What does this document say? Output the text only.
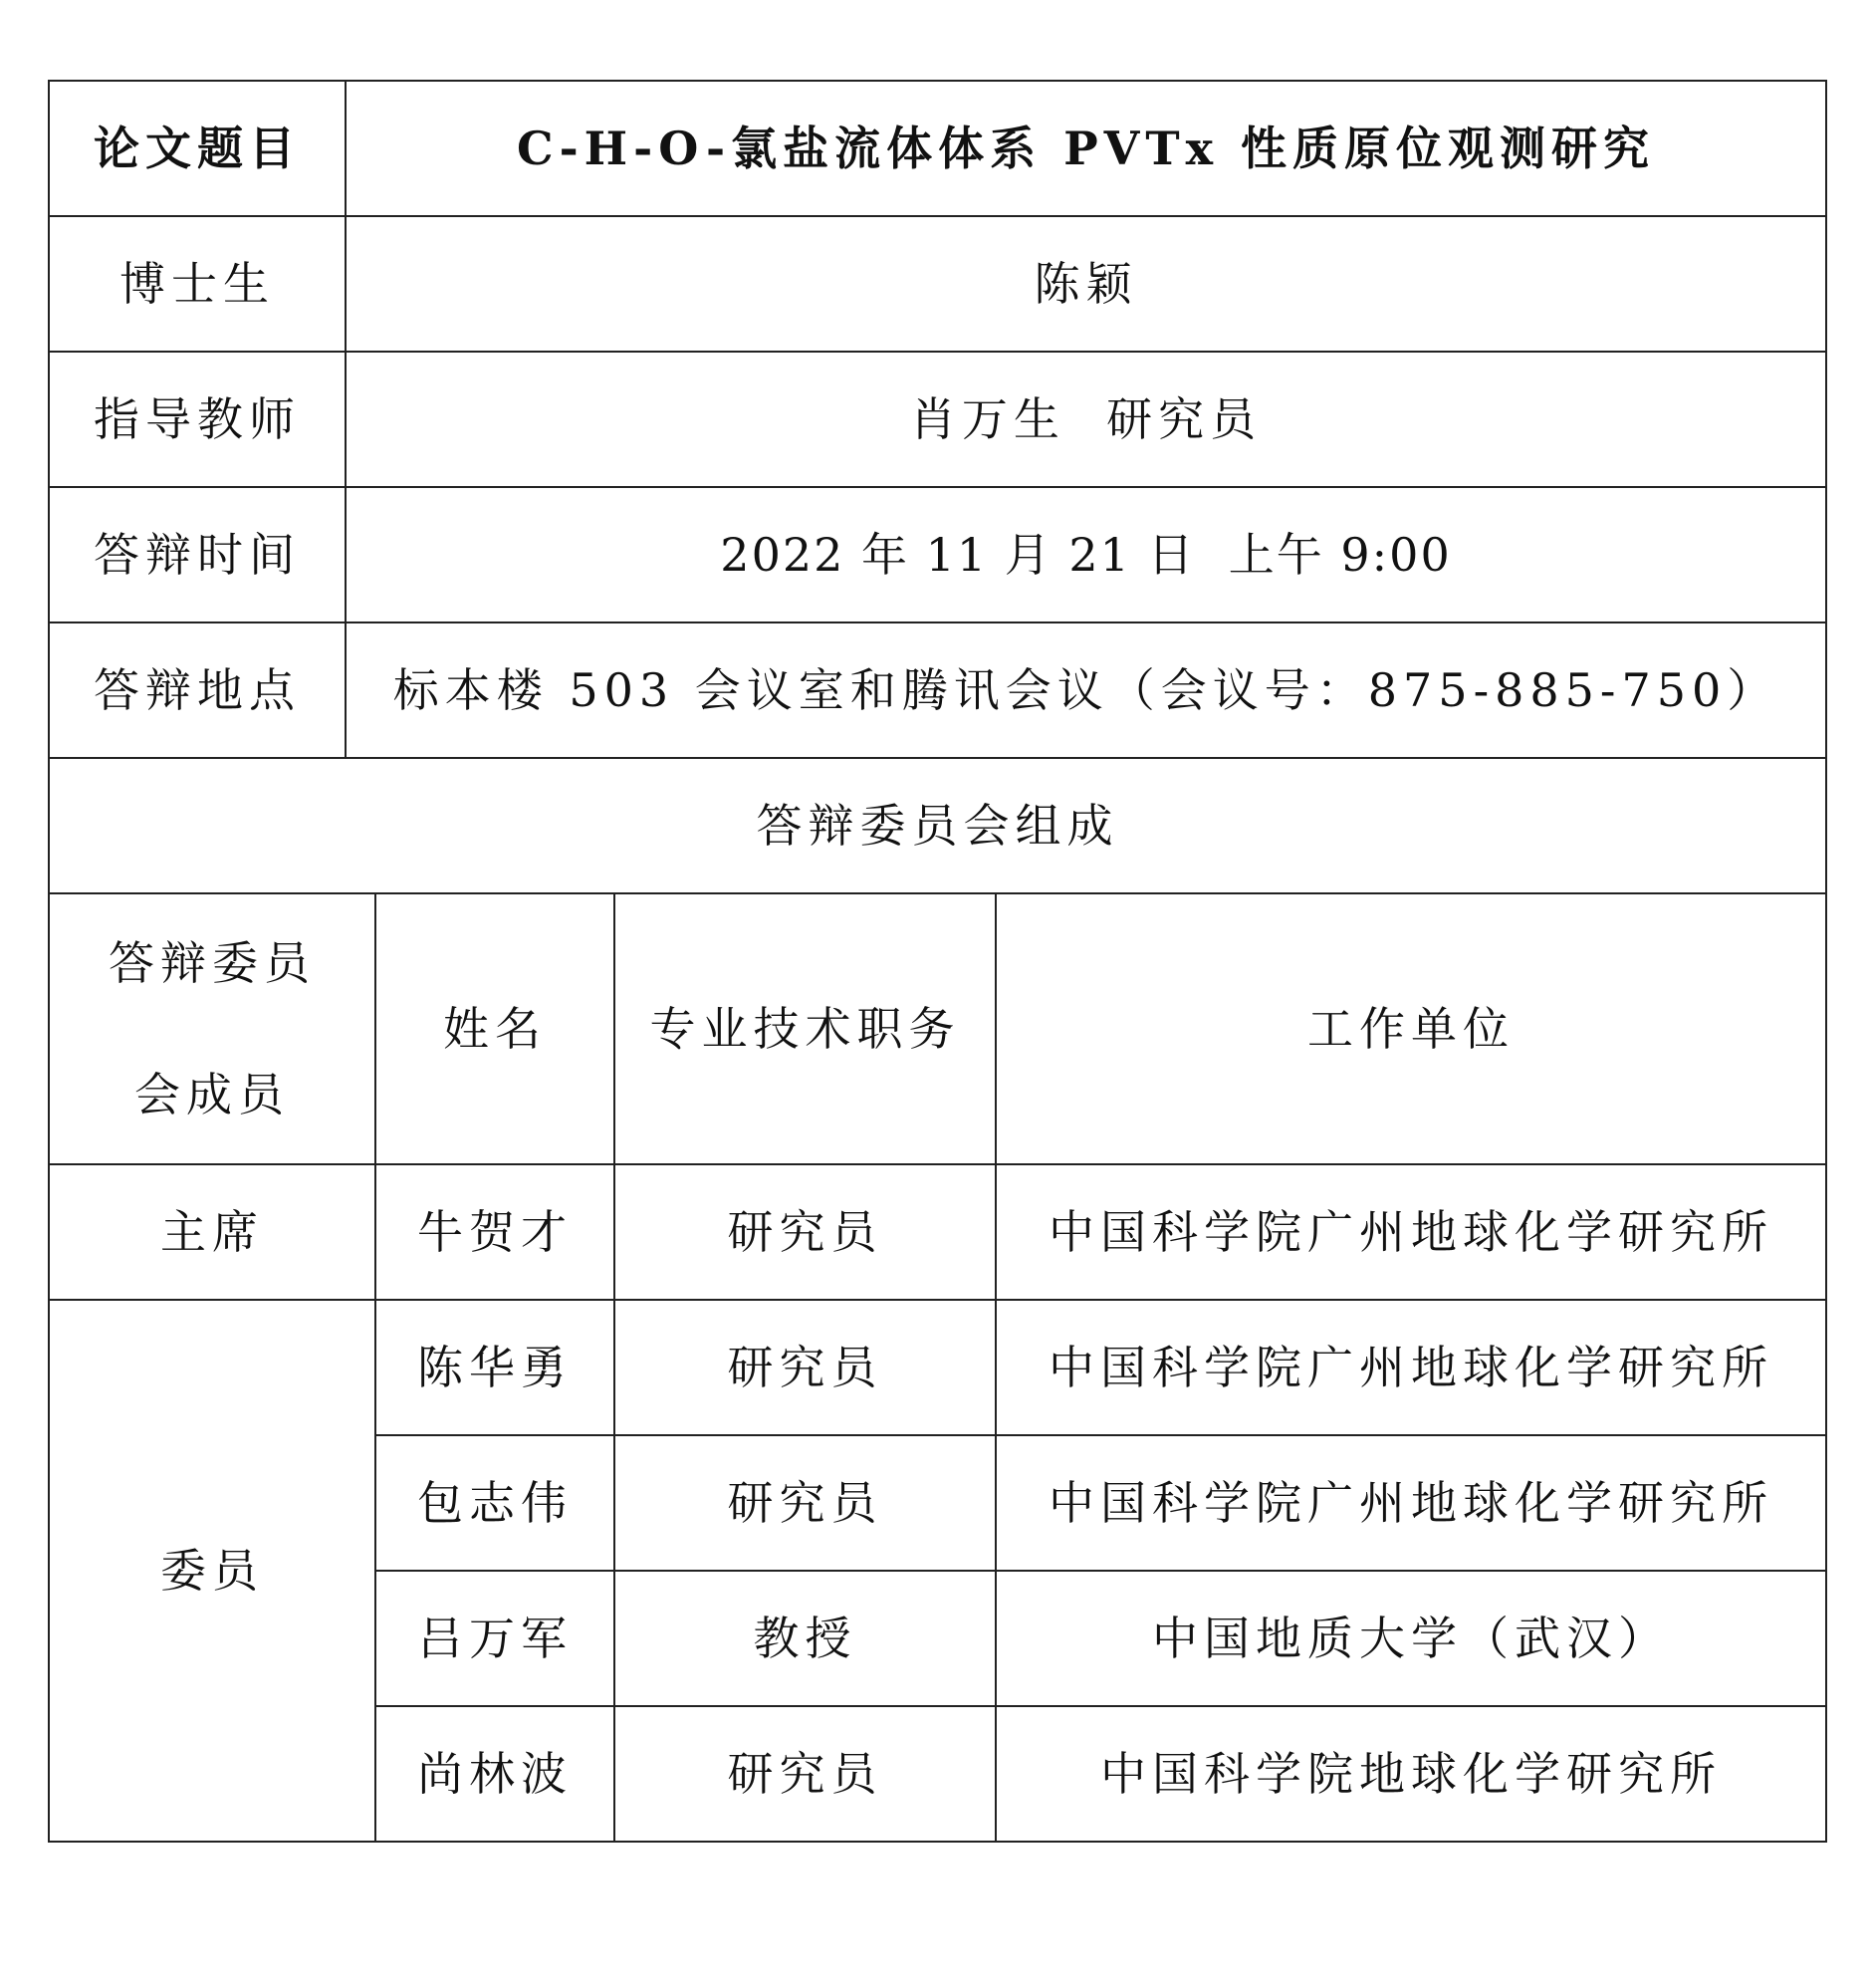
论文题目	C-H-O-氯盐流体体系 PVTx 性质原位观测研究			
博士生	陈颖			
指导教师	肖万生  研究员			
答辩时间	2022 年 11 月 21 日  上午 9:00			
答辩地点	标本楼 503 会议室和腾讯会议（会议号：875-885-750）			
答辩委员会组成				

答辩委员
会成员		姓名	专业技术职务	工作单位
主席		牛贺才	研究员	中国科学院广州地球化学研究所
委员		陈华勇	研究员	中国科学院广州地球化学研究所
		包志伟	研究员	中国科学院广州地球化学研究所
		吕万军	教授	中国地质大学（武汉）
		尚林波	研究员	中国科学院地球化学研究所
